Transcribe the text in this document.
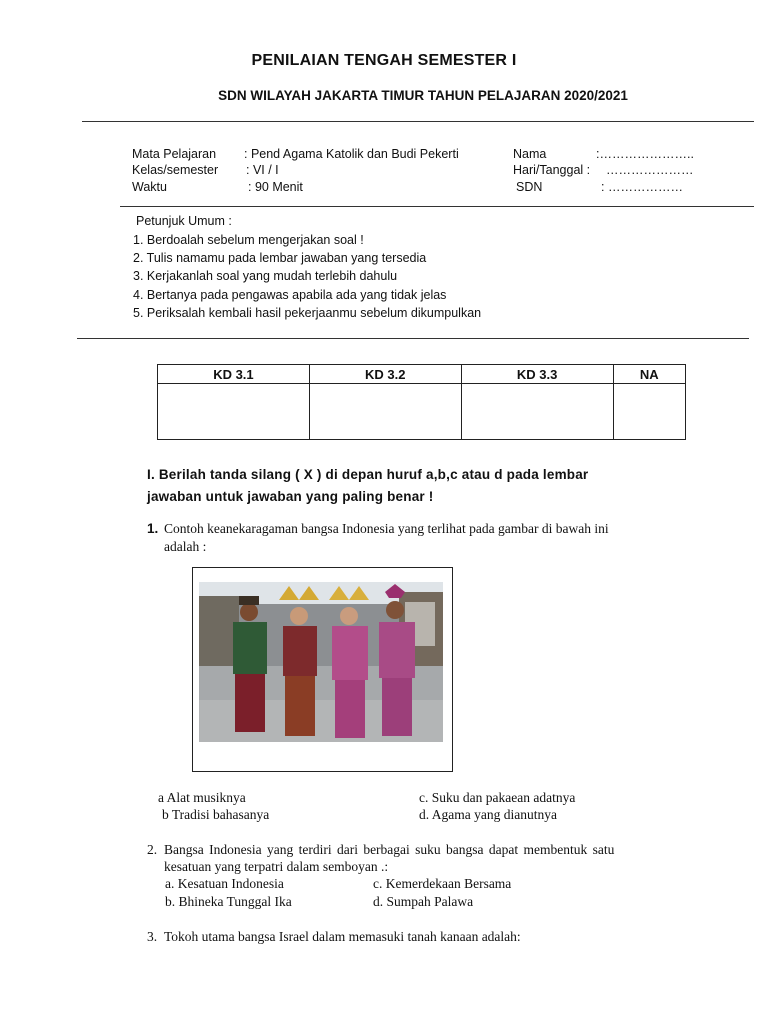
PENILAIAN TENGAH SEMESTER I
SDN WILAYAH JAKARTA TIMUR TAHUN PELAJARAN 2020/2021
Mata Pelajaran : Pend Agama Katolik dan Budi Pekerti
Kelas/semester : VI / I
Waktu	: 90 Menit
Nama	:…………………..
Hari/Tanggal : …………………
SDN	: ………………
Petunjuk Umum :
1. Berdoalah sebelum mengerjakan soal !
2. Tulis namamu pada lembar jawaban yang tersedia
3. Kerjakanlah soal yang mudah terlebih dahulu
4. Bertanya pada pengawas apabila ada yang tidak jelas
5. Periksalah kembali hasil pekerjaanmu sebelum dikumpulkan
KD 3.1	KD 3.2	KD 3.3	NA

I. Berilah tanda silang ( X ) di depan huruf a,b,c atau d pada lembar
jawaban untuk jawaban yang paling benar !
1. Contoh keanekaragaman bangsa Indonesia yang terlihat pada gambar di bawah ini
adalah :
a Alat musiknya
b Tradisi bahasanya
c. Suku dan pakaean adatnya
d. Agama yang dianutnya
2. Bangsa Indonesia yang terdiri dari berbagai suku bangsa dapat membentuk satu
kesatuan yang terpatri dalam semboyan .:
a. Kesatuan Indonesia
b. Bhineka Tunggal Ika
c. Kemerdekaan Bersama
d. Sumpah Palawa
3. Tokoh utama bangsa Israel dalam memasuki tanah kanaan adalah:
